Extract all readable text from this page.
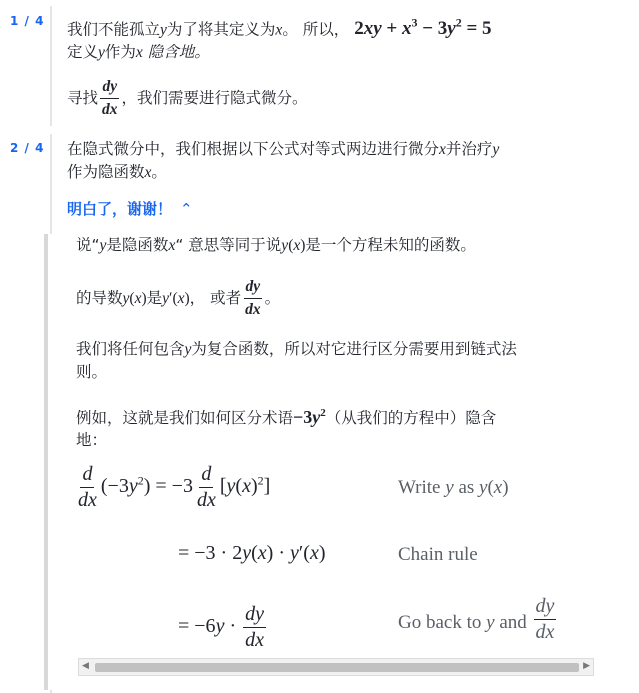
1 / 4 我们不能孤立y为了将其定义为x。 所以， $2xy + x^3 - 3y^2 = 5$
定义y作为x 隐含地。
寻找 $\frac{dy}{dx}$ ，我们需要进行隐式微分。
2 / 4 在隐式微分中，我们根据以下公式对等式两边进行微分x并治疗y
作为隐函数x。
明白了，谢谢！ ⌃
说“y是隐函数x“ 意思等同于说y(x)是一个方程未知的函数。
的导数y(x)是y′(x)， 或者 $\frac{dy}{dx}$ 。
我们将任何包含y为复合函数，所以对它进行区分需要用到链式法
则。
例如，这就是我们如何区分术语$-3y^2$（从我们的方程中）隐含
地：
$\frac{d}{dx} (-3y^2) = -3 \frac{d}{dx} [y(x)^2]$	Write y as y(x)
= −3 · 2y(x) · y′(x)	Chain rule
= $-6y \cdot \frac{dy}{dx}$	Go back to y and $\frac{dy}{dx}$
◀	▶
